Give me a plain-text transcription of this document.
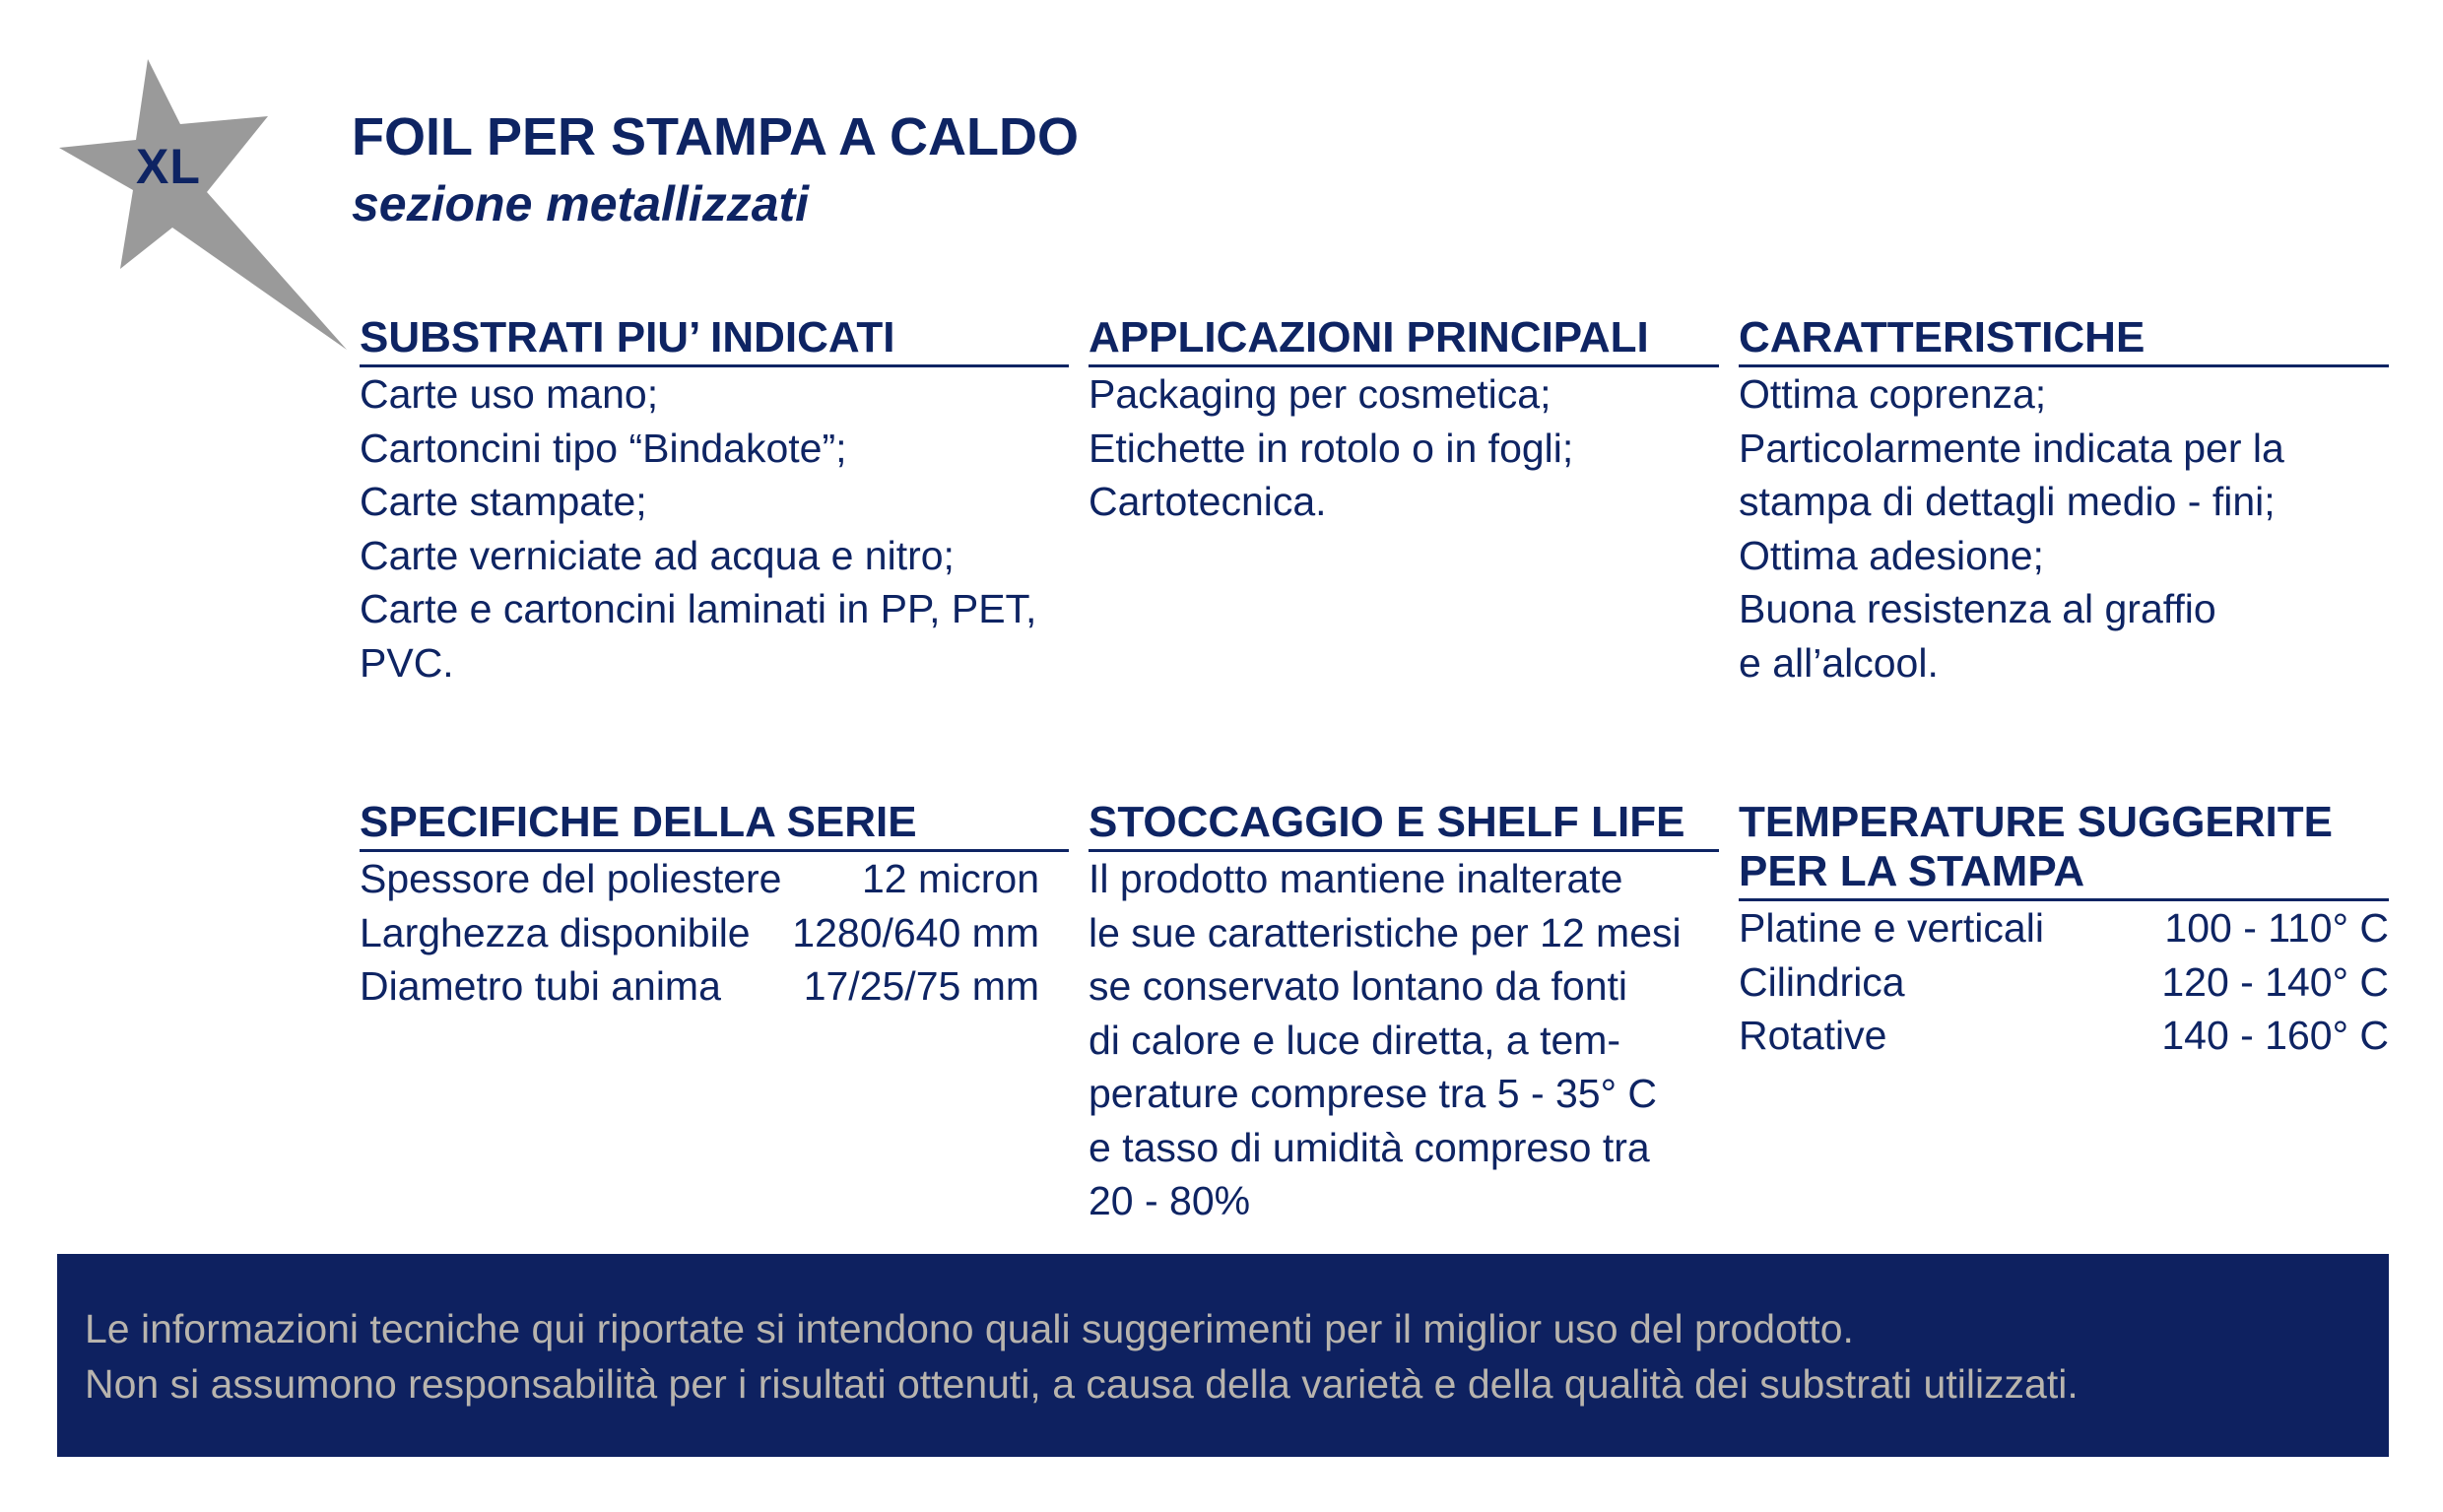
XL	FOIL PER STAMPA A CALDO
sezione metallizzati
SUBSTRATI PIU’ INDICATI
Carte uso mano;
Cartoncini tipo “Bindakote”;
Carte stampate;
Carte verniciate ad acqua e nitro;
Carte e cartoncini laminati in PP, PET,
PVC.
APPLICAZIONI PRINCIPALI
Packaging per cosmetica;
Etichette in rotolo o in fogli;
Cartotecnica.
CARATTERISTICHE
Ottima coprenza;
Particolarmente indicata per la
stampa di dettagli medio - fini;
Ottima adesione;
Buona resistenza al graffio
e all’alcool.
SPECIFICHE DELLA SERIE
Spessore del poliestere	12 micron
Larghezza disponibile	1280/640 mm
Diametro tubi anima	17/25/75 mm
STOCCAGGIO E SHELF LIFE
Il prodotto mantiene inalterate
le sue caratteristiche per 12 mesi
se conservato lontano da fonti
di calore e luce diretta, a tem-
perature comprese tra 5 - 35° C
e tasso di umidità compreso tra
20 - 80%
TEMPERATURE SUGGERITE
PER LA STAMPA
Platine e verticali	100 - 110° C
Cilindrica	120 - 140° C
Rotative	140 - 160° C
Le informazioni tecniche qui riportate si intendono quali suggerimenti per il miglior uso del prodotto.
Non si assumono responsabilità per i risultati ottenuti, a causa della varietà e della qualità dei substrati utilizzati.
